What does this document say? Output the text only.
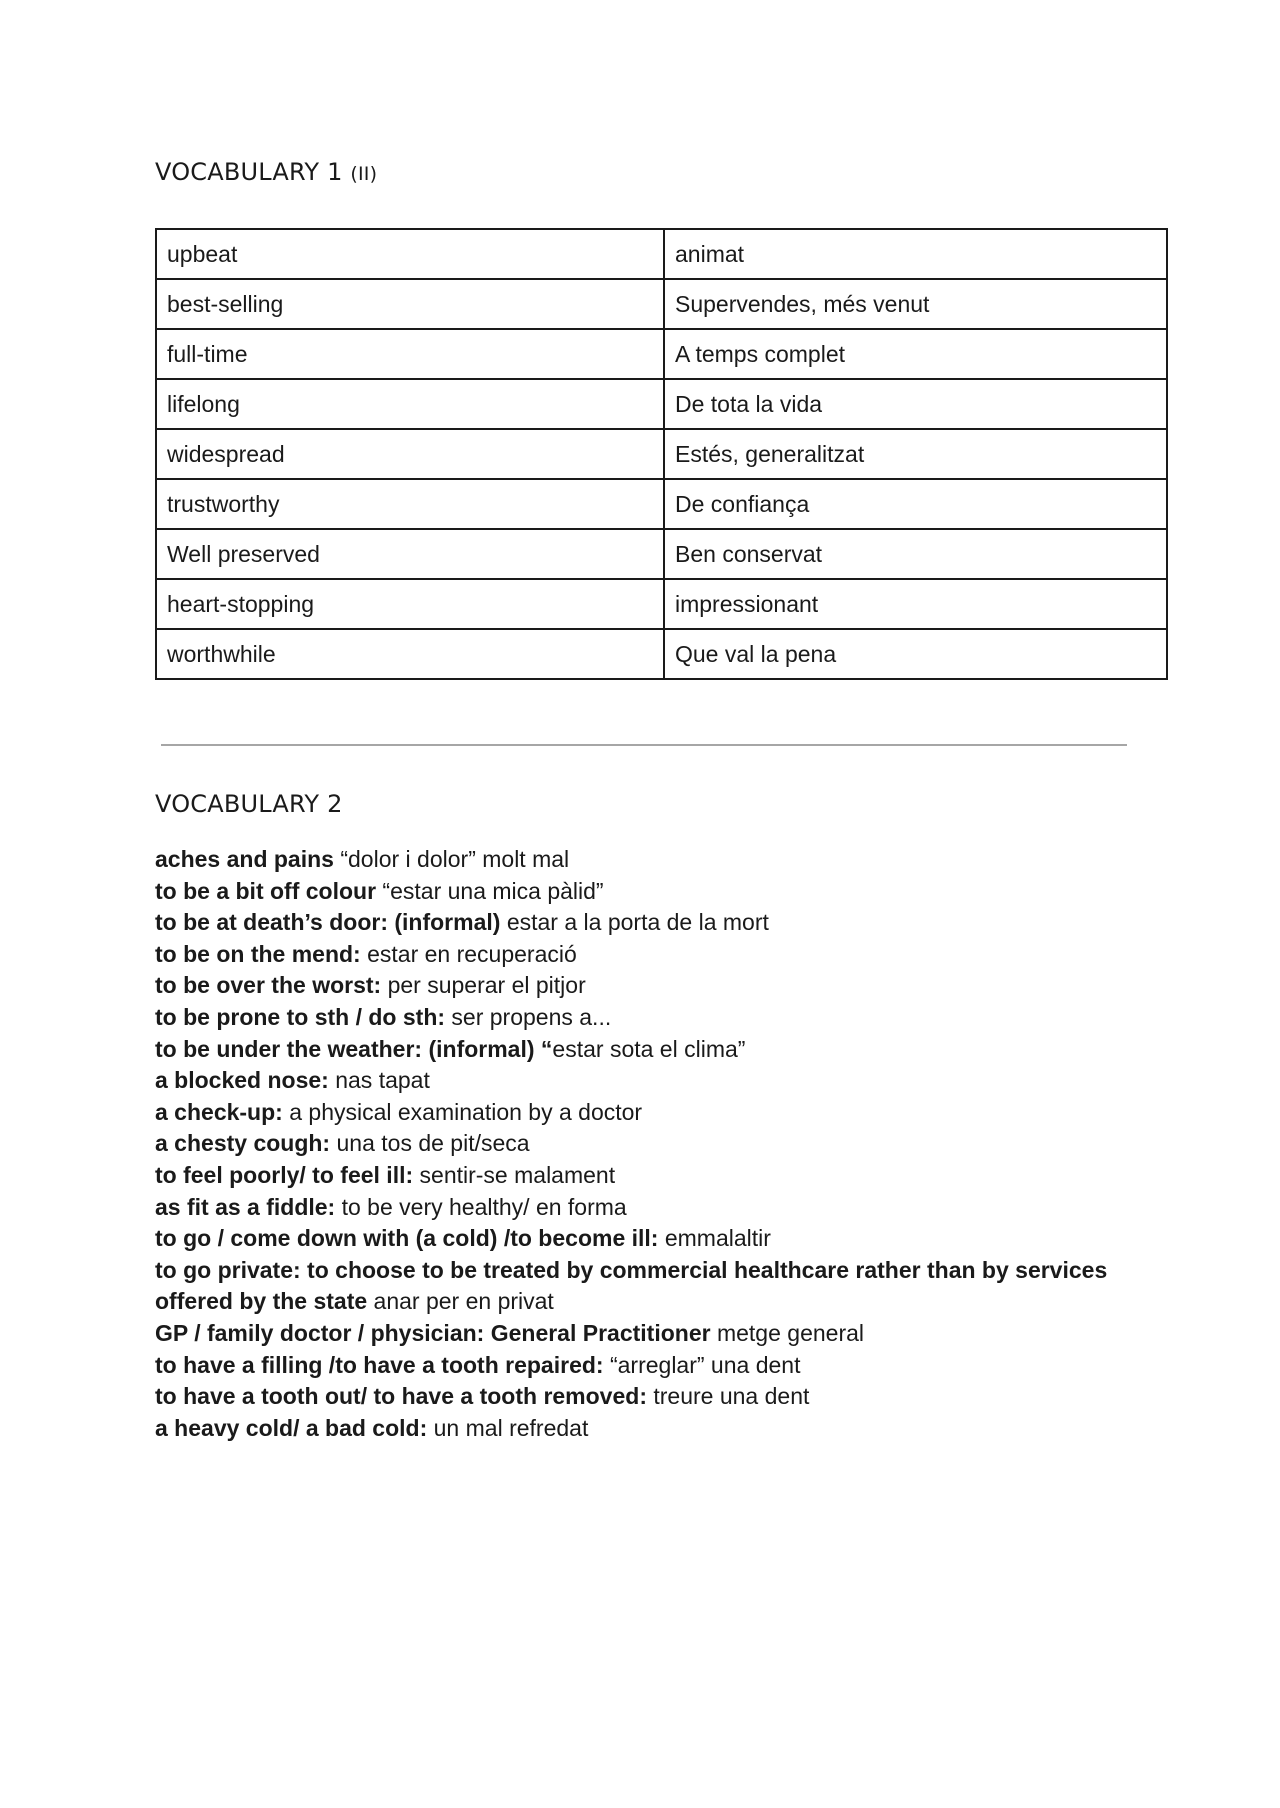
VOCABULARY 1 (II)
upbeat	animat
best-selling	Supervendes, més venut
full-time	A temps complet
lifelong	De tota la vida
widespread	Estés, generalitzat
trustworthy	De confiança
Well preserved	Ben conservat
heart-stopping	impressionant
worthwhile	Que val la pena
VOCABULARY 2
aches and pains “dolor i dolor” molt mal
to be a bit off colour “estar una mica pàlid”
to be at death’s door: (informal) estar a la porta de la mort
to be on the mend: estar en recuperació
to be over the worst: per superar el pitjor
to be prone to sth / do sth: ser propens a...
to be under the weather: (informal) “estar sota el clima”
a blocked nose: nas tapat
a check-up: a physical examination by a doctor
a chesty cough: una tos de pit/seca
to feel poorly/ to feel ill: sentir-se malament
as fit as a fiddle: to be very healthy/ en forma
to go / come down with (a cold) /to become ill: emmalaltir
to go private: to choose to be treated by commercial healthcare rather than by services offered by the state anar per en privat
GP / family doctor / physician: General Practitioner metge general
to have a filling /to have a tooth repaired: “arreglar” una dent
to have a tooth out/ to have a tooth removed: treure una dent
a heavy cold/ a bad cold: un mal refredat
